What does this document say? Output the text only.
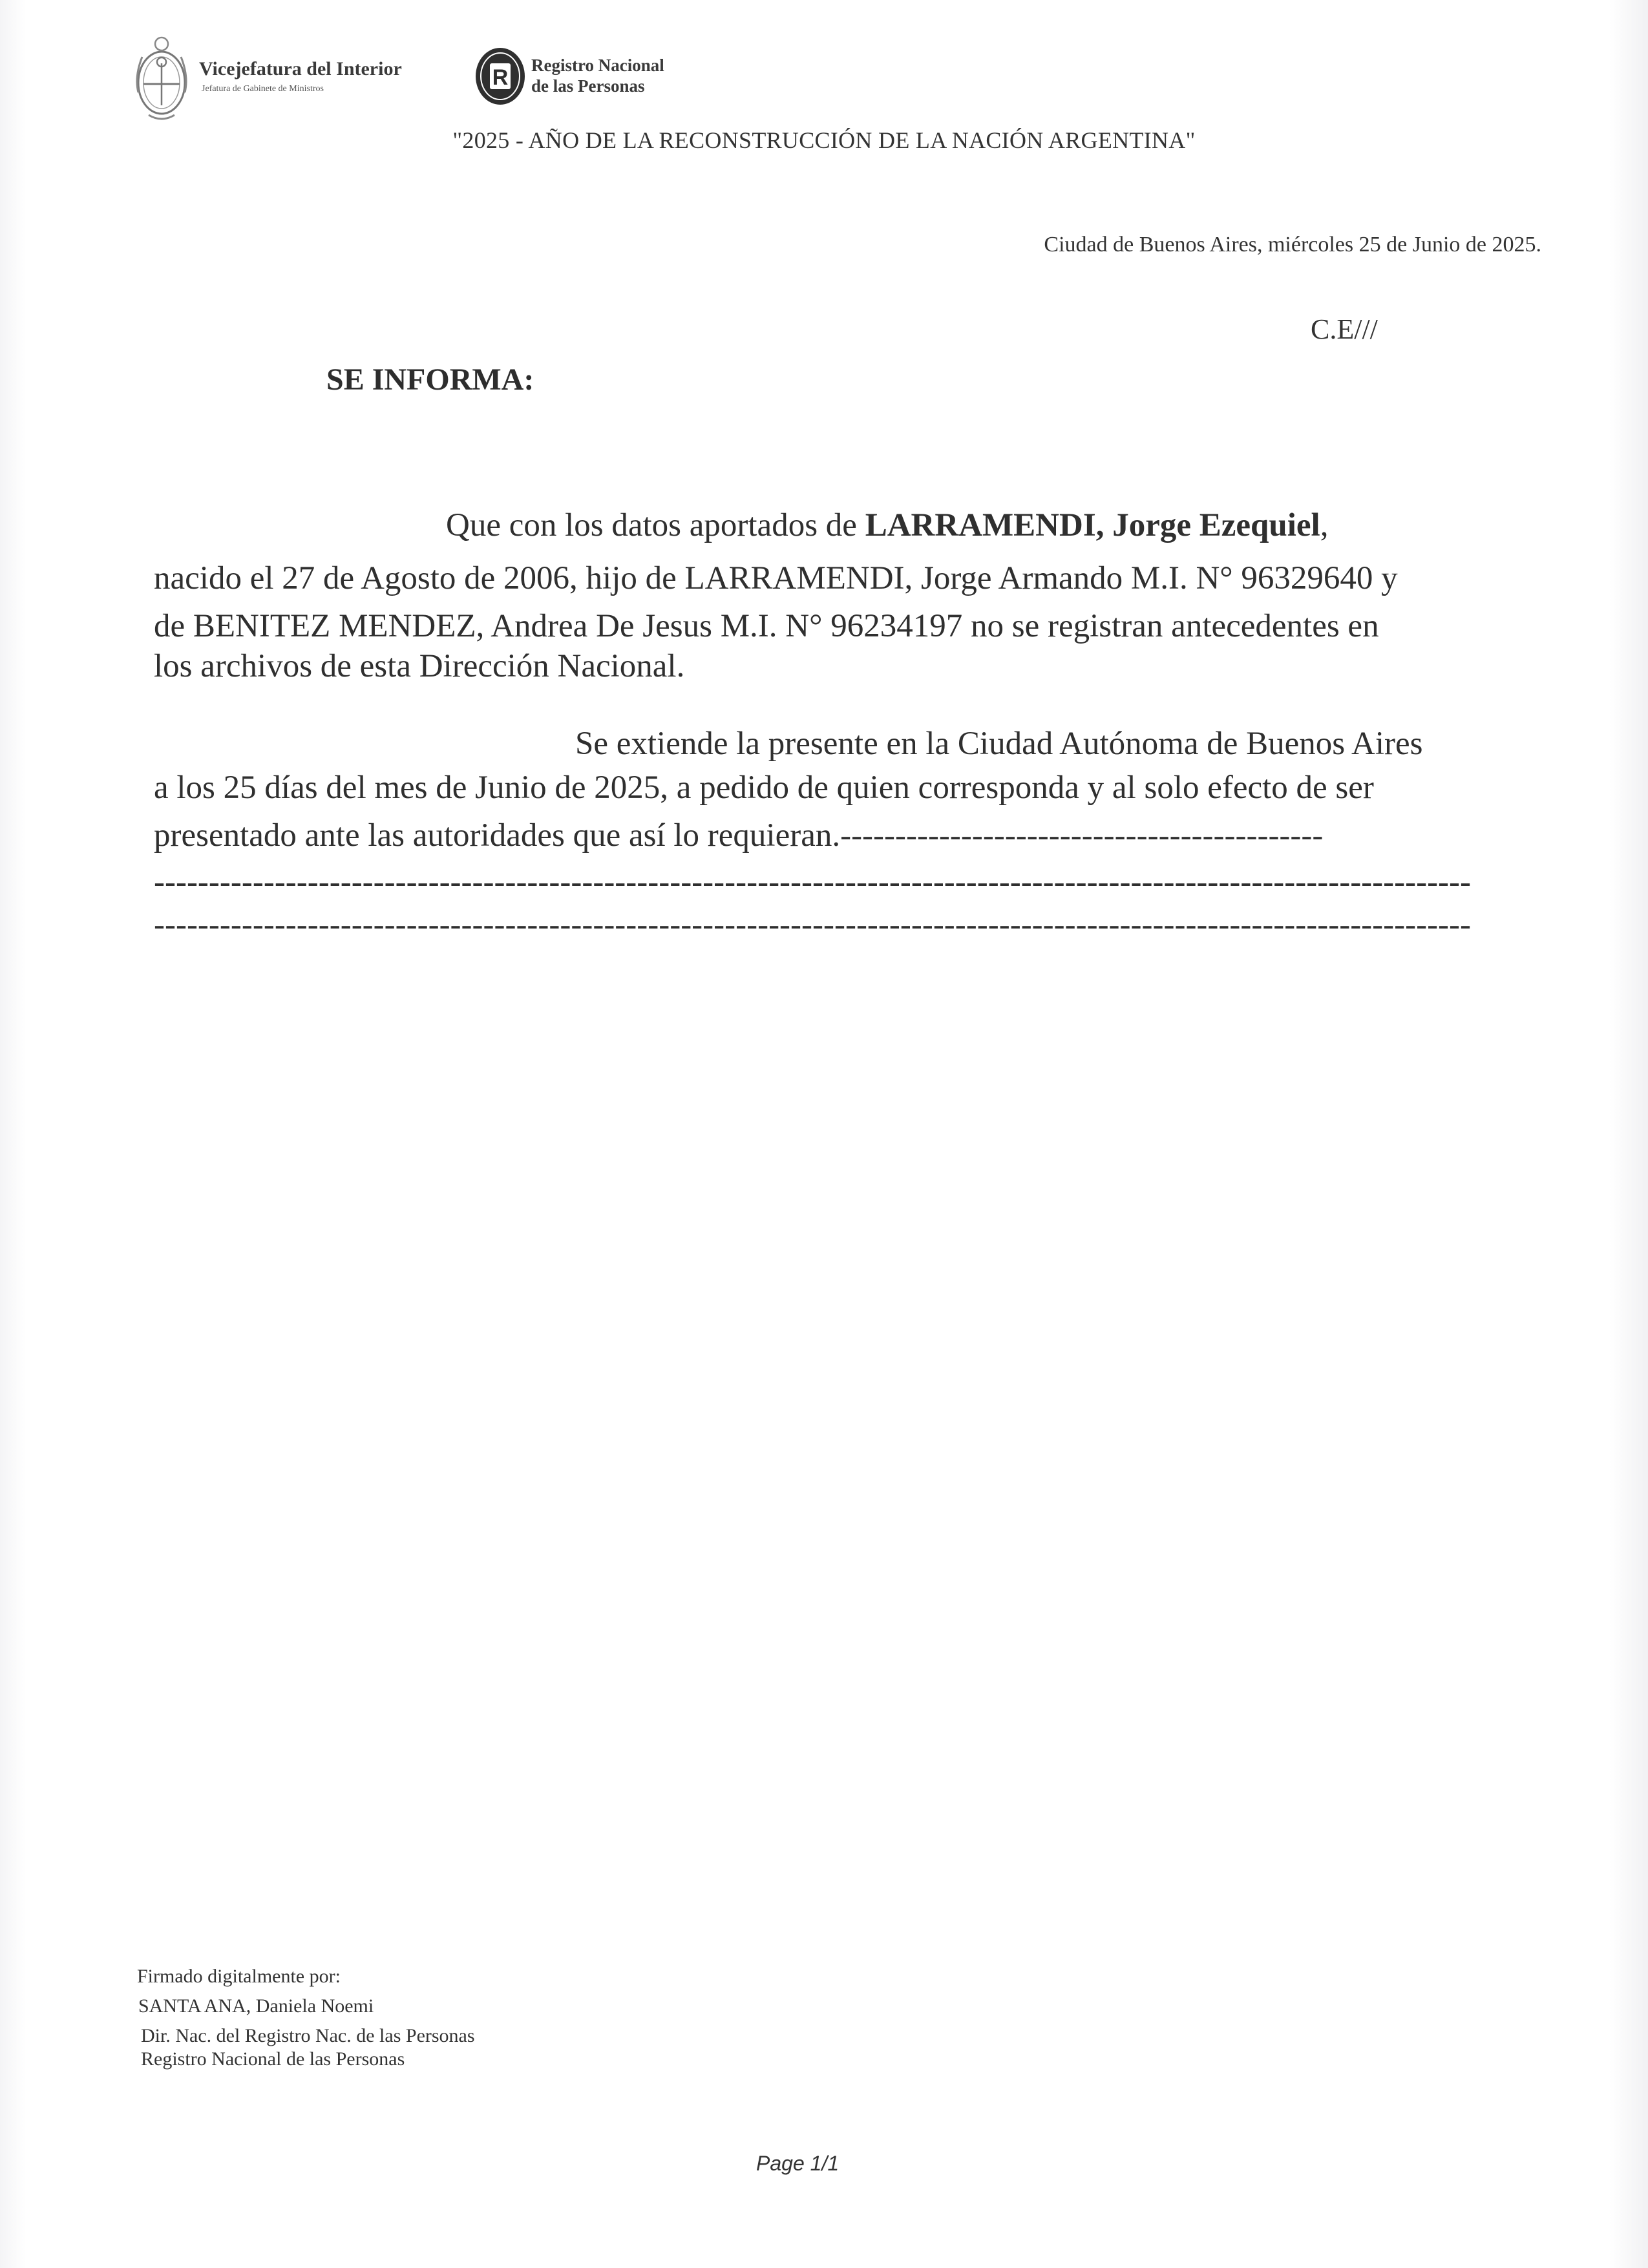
Vicejefatura del Interior
Jefatura de Gabinete de Ministros	R Registro Nacional
de las Personas
"2025 - AÑO DE LA RECONSTRUCCIÓN DE LA NACIÓN ARGENTINA"
Ciudad de Buenos Aires, miércoles 25 de Junio de 2025.
C.E///
SE INFORMA:
Que con los datos aportados de LARRAMENDI, Jorge Ezequiel,
nacido el 27 de Agosto de 2006, hijo de LARRAMENDI, Jorge Armando M.I. N° 96329640 y
de BENITEZ MENDEZ, Andrea De Jesus M.I. N° 96234197 no se registran antecedentes en
los archivos de esta Dirección Nacional.
Se extiende la presente en la Ciudad Autónoma de Buenos Aires
a los 25 días del mes de Junio de 2025, a pedido de quien corresponda y al solo efecto de ser
presentado ante las autoridades que así lo requieran.--------------------------------------------
------------------------------------------------------------------------------------------------------------------------
------------------------------------------------------------------------------------------------------------------------
Firmado digitalmente por:
SANTA ANA, Daniela Noemi
Dir. Nac. del Registro Nac. de las Personas
Registro Nacional de las Personas
Page 1/1
